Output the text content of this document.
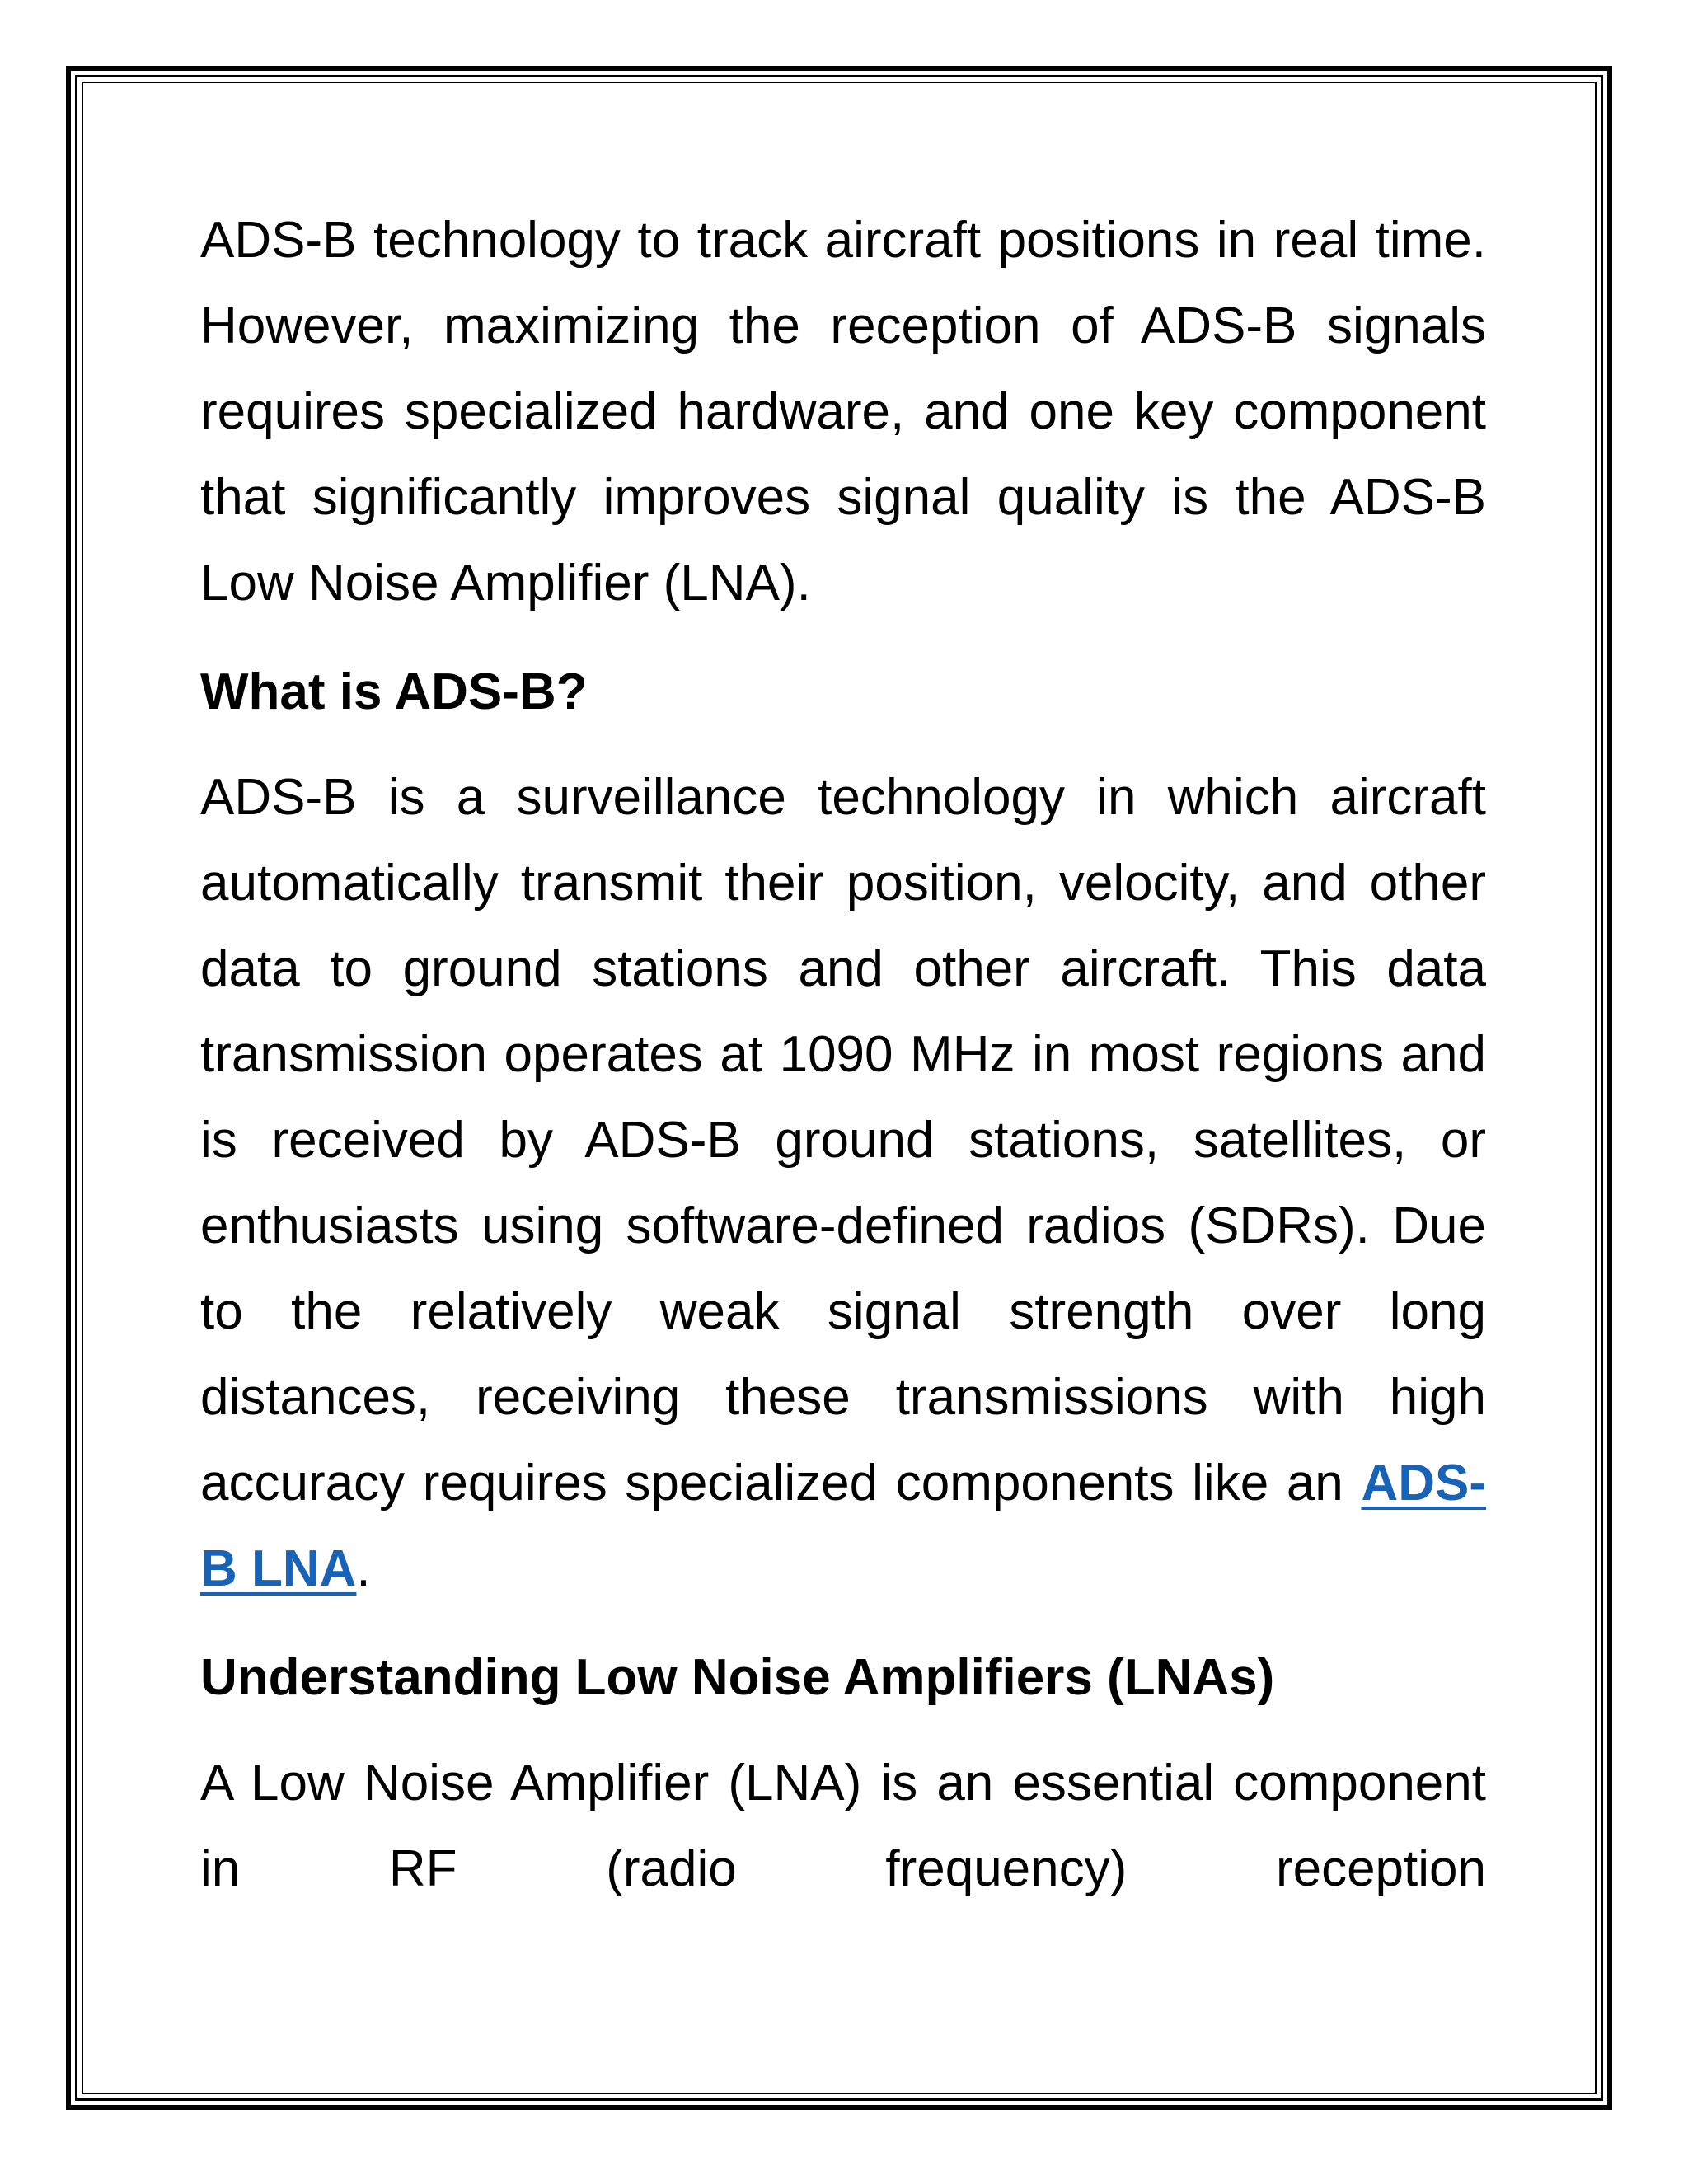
ADS-B technology to track aircraft positions in real time. However, maximizing the reception of ADS-B signals requires specialized hardware, and one key component that significantly improves signal quality is the ADS-B Low Noise Amplifier (LNA).

What is ADS-B?

ADS-B is a surveillance technology in which aircraft automatically transmit their position, velocity, and other data to ground stations and other aircraft. This data transmission operates at 1090 MHz in most regions and is received by ADS-B ground stations, satellites, or enthusiasts using software-defined radios (SDRs). Due to the relatively weak signal strength over long distances, receiving these transmissions with high accuracy requires specialized components like an ADS-B LNA.

Understanding Low Noise Amplifiers (LNAs)

A Low Noise Amplifier (LNA) is an essential component in RF (radio frequency) reception
